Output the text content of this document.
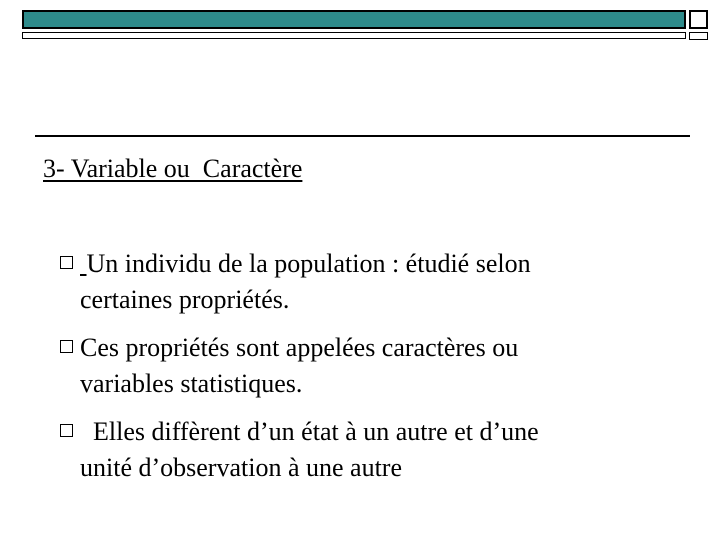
3- Variable ou  Caractère
Un individu de la population : étudié selon
certaines propriétés.
Ces propriétés sont appelées caractères ou
variables statistiques.
Elles diffèrent d’un état à un autre et d’une
unité d’observation à une autre
